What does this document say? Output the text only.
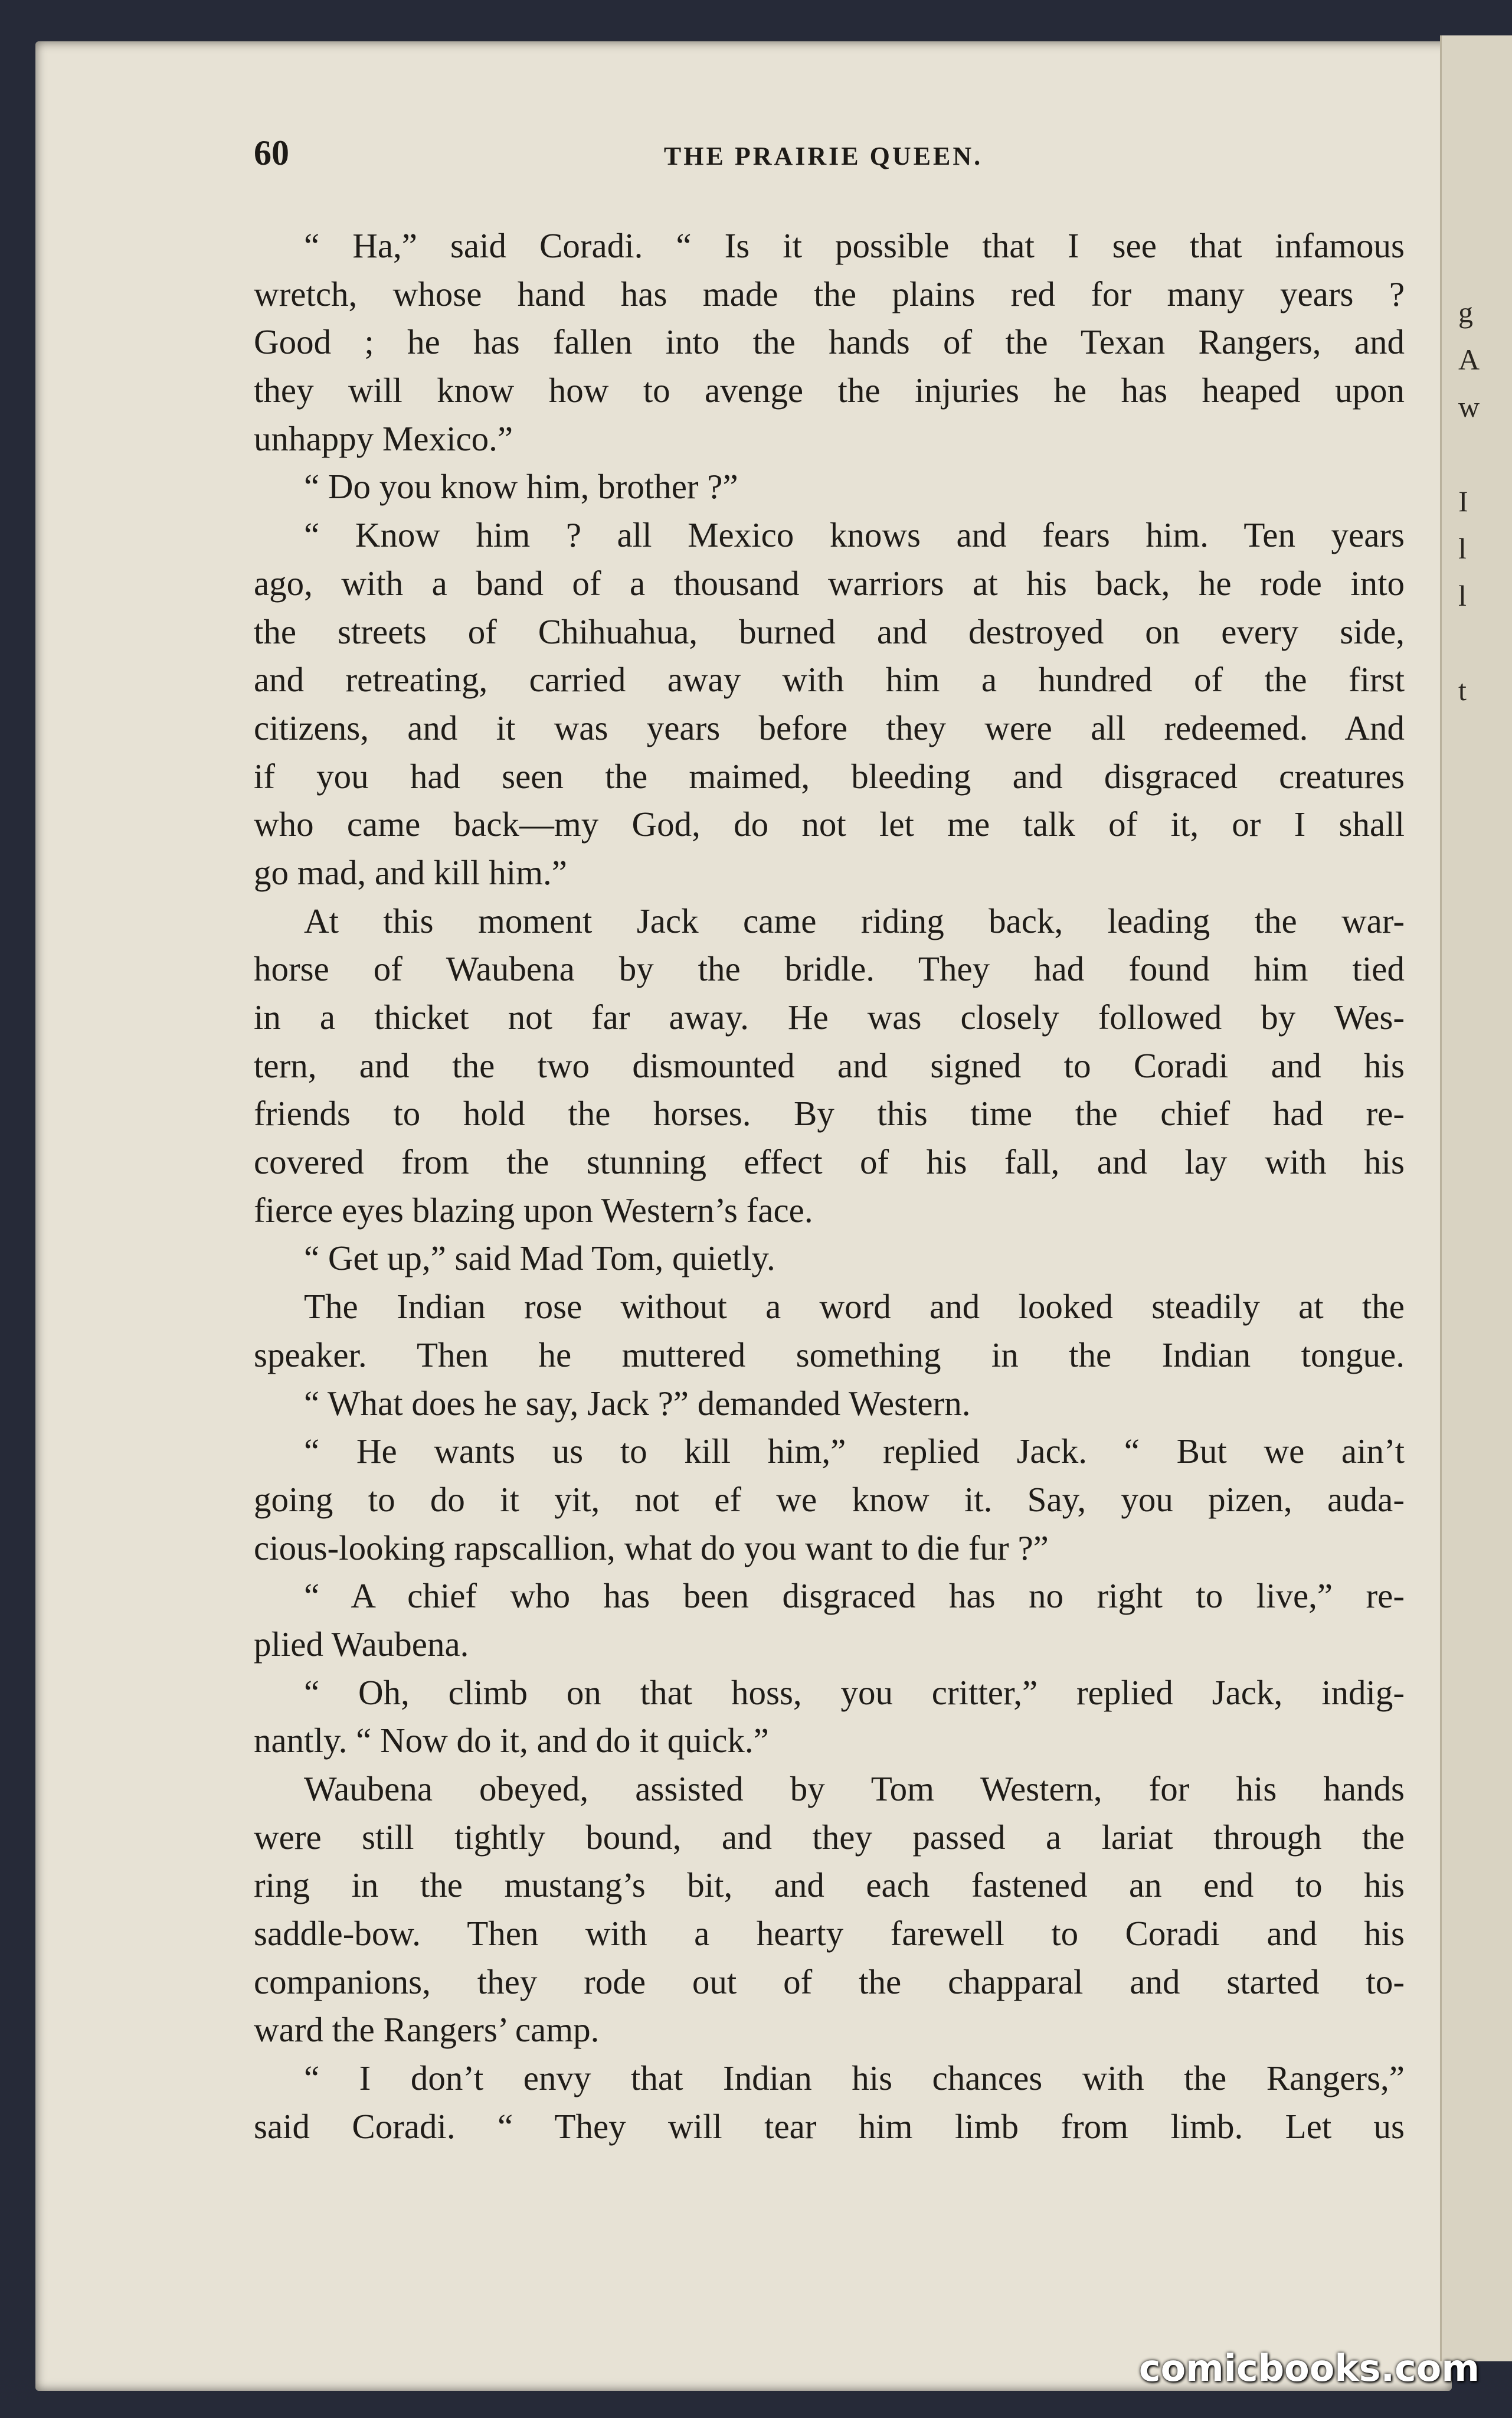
g
A
w
I
l
l
t
60	THE PRAIRIE QUEEN.
“ Ha,” said Coradi. “ Is it possible that I see that infamous
wretch, whose hand has made the plains red for many years ?
Good ; he has fallen into the hands of the Texan Rangers, and
they will know how to avenge the injuries he has heaped upon
unhappy Mexico.”
“ Do you know him, brother ?”
“ Know him ? all Mexico knows and fears him. Ten years
ago, with a band of a thousand warriors at his back, he rode into
the streets of Chihuahua, burned and destroyed on every side,
and retreating, carried away with him a hundred of the first
citizens, and it was years before they were all redeemed. And
if you had seen the maimed, bleeding and disgraced creatures
who came back—my God, do not let me talk of it, or I shall
go mad, and kill him.”
At this moment Jack came riding back, leading the war-
horse of Waubena by the bridle. They had found him tied
in a thicket not far away. He was closely followed by Wes-
tern, and the two dismounted and signed to Coradi and his
friends to hold the horses. By this time the chief had re-
covered from the stunning effect of his fall, and lay with his
fierce eyes blazing upon Western’s face.
“ Get up,” said Mad Tom, quietly.
The Indian rose without a word and looked steadily at the
speaker. Then he muttered something in the Indian tongue.
“ What does he say, Jack ?” demanded Western.
“ He wants us to kill him,” replied Jack. “ But we ain’t
going to do it yit, not ef we know it. Say, you pizen, auda-
cious-looking rapscallion, what do you want to die fur ?”
“ A chief who has been disgraced has no right to live,” re-
plied Waubena.
“ Oh, climb on that hoss, you critter,” replied Jack, indig-
nantly. “ Now do it, and do it quick.”
Waubena obeyed, assisted by Tom Western, for his hands
were still tightly bound, and they passed a lariat through the
ring in the mustang’s bit, and each fastened an end to his
saddle-bow. Then with a hearty farewell to Coradi and his
companions, they rode out of the chapparal and started to-
ward the Rangers’ camp.
“ I don’t envy that Indian his chances with the Rangers,”
said Coradi. “ They will tear him limb from limb. Let us
comicbooks.com
